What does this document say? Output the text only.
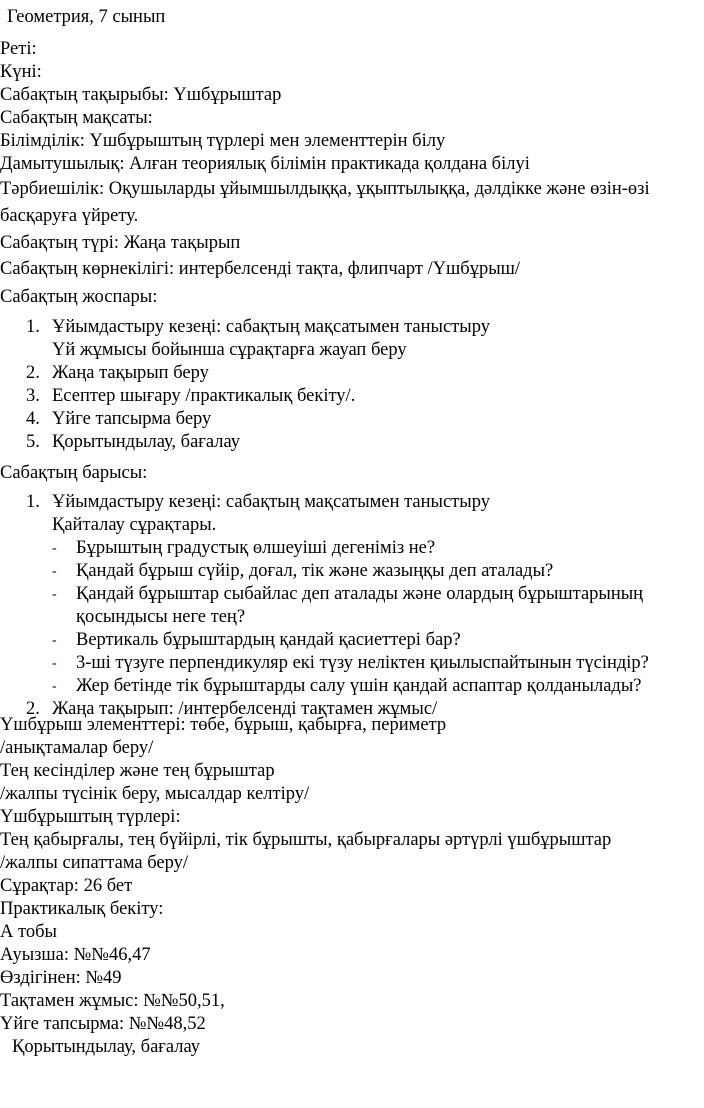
Геометрия, 7 сынып

Реті:

Күні:

Сабақтың тақырыбы: Үшбұрыштар

Сабақтың мақсаты:

Білімділік: Үшбұрыштың түрлері мен элементтерін білу

Дамытушылық: Алған теориялық білімін практикада қолдана білуі

Тәрбиешілік: Оқушыларды ұйымшылдыққа, ұқыптылыққа, дәлдікке және өзін-өзі басқаруға үйрету.

Сабақтың түрі: Жаңа тақырып

Сабақтың көрнекілігі: интербелсенді тақта, флипчарт /Үшбұрыш/

Сабақтың жоспары:
1. Ұйымдастыру кезеңі: сабақтың мақсатымен таныстыру
Үй жұмысы бойынша сұрақтарға жауап беру
2. Жаңа тақырып беру
3. Есептер шығару /практикалық бекіту/.
4. Үйге тапсырма беру
5. Қорытындылау, бағалау
Сабақтың барысы:
1. Ұйымдастыру кезеңі: сабақтың мақсатымен таныстыру
Қайталау сұрақтары.
-	Бұрыштың градустық өлшеуіші дегеніміз не?
-	Қандай бұрыш сүйір, доғал, тік және жазыңқы деп аталады?
-	Қандай бұрыштар сыбайлас деп аталады және олардың бұрыштарының қосындысы неге тең?
-	Вертикаль бұрыштардың қандай қасиеттері бар?
-	3-ші түзуге перпендикуляр екі түзу неліктен қиылыспайтынын түсіндір?
-	Жер бетінде тік бұрыштарды салу үшін қандай аспаптар қолданылады?
2. Жаңа тақырып: /интербелсенді тақтамен жұмыс/

Үшбұрыш элементтері: төбе, бұрыш, қабырға, периметр

/анықтамалар беру/

Тең кесінділер және тең бұрыштар

/жалпы түсінік беру, мысалдар келтіру/

Үшбұрыштың түрлері:

Тең қабырғалы, тең бүйірлі, тік бұрышты, қабырғалары әртүрлі үшбұрыштар

/жалпы сипаттама беру/

Сұрақтар: 26 бет

Практикалық бекіту:

А тобы

Ауызша: №№46,47

Өздігінен: №49

Тақтамен жұмыс: №№50,51,

Үйге тапсырма: №№48,52

Қорытындылау, бағалау
